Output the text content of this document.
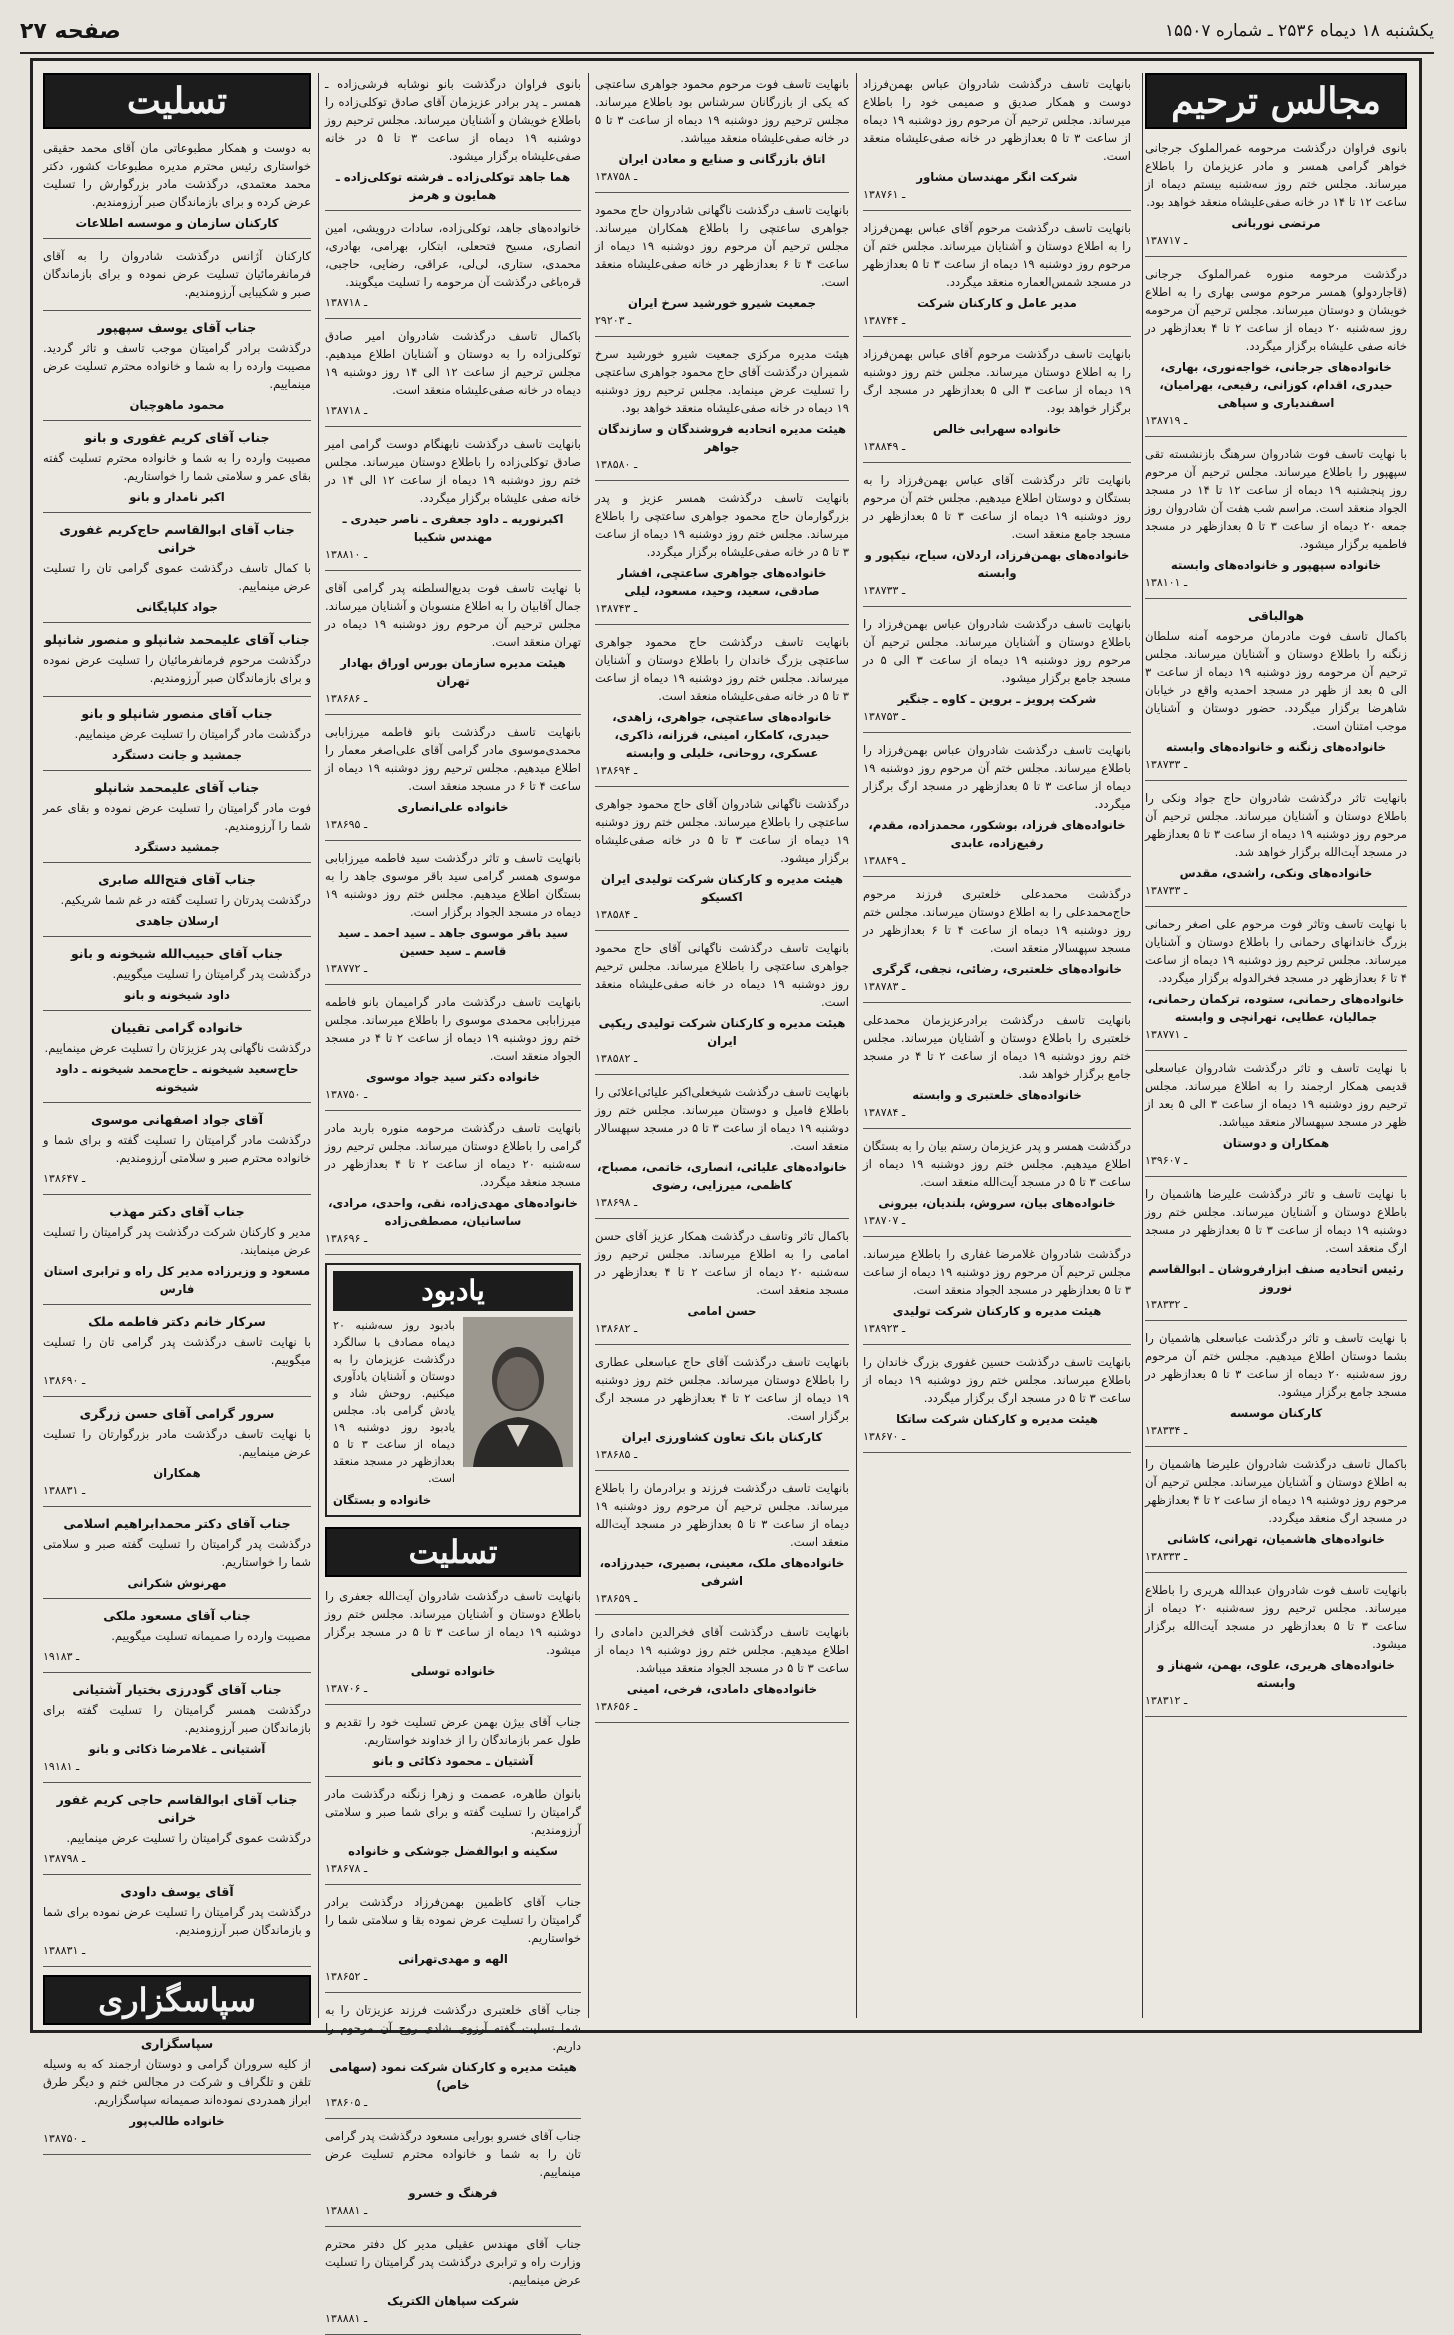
یکشنبه ۱۸ دیماه ۲۵۳۶ ـ شماره ۱۵۵۰۷
صفحه ۲۷
مجالس ترحیم
بانوی فراوان درگذشت مرحومه غمرالملوک جرجانی خواهر گرامی همسر و مادر عزیزمان را باطلاع میرساند. مجلس ختم روز سه‌شنبه بیستم دیماه از ساعت ۱۲ تا ۱۴ در خانه صفی‌علیشاه منعقد خواهد بود.
مرتضی نوربانی
۱ـ ۳۸۷۱۷
درگذشت مرحومه منوره غمرالملوک جرجانی (قاجاردولو) همسر مرحوم موسی بهاری را به اطلاع خویشان و دوستان میرساند. مجلس ترحیم آن مرحومه روز سه‌شنبه ۲۰ دیماه از ساعت ۲ تا ۴ بعدازظهر در خانه صفی علیشاه برگزار میگردد.
خانواده‌های جرجانی، خواجه‌نوری، بهاری، حیدری، اقدام، کوزانی، رفیعی، بهرامیان، اسفندیاری و سپاهی
۱ـ ۳۸۷۱۹
با نهایت تاسف فوت شادروان سرهنگ بازنشسته تقی سپهپور را باطلاع میرساند. مجلس ترحیم آن مرحوم روز پنجشنبه ۱۹ دیماه از ساعت ۱۲ تا ۱۴ در مسجد الجواد منعقد است. مراسم شب هفت آن شادروان روز جمعه ۲۰ دیماه از ساعت ۳ تا ۵ بعدازظهر در مسجد فاطمیه برگزار میشود.
خانواده سپهپور و خانواده‌های وابسته
۱ـ ۳۸۱۰۱
هوالباقی
باکمال تاسف فوت مادرمان مرحومه آمنه سلطان زنگنه را باطلاع دوستان و آشنایان میرساند. مجلس ترحیم آن مرحومه روز دوشنبه ۱۹ دیماه از ساعت ۳ الی ۵ بعد از ظهر در مسجد احمدیه واقع در خیابان شاهرضا برگزار میگردد. حضور دوستان و آشنایان موجب امتنان است.
خانواده‌های زنگنه و خانواده‌های وابسته
۱ـ ۳۸۷۳۳
بانهایت تاثر درگذشت شادروان حاج جواد ونکی را باطلاع دوستان و آشنایان میرساند. مجلس ترحیم آن مرحوم روز دوشنبه ۱۹ دیماه از ساعت ۳ تا ۵ بعدازظهر در مسجد آیت‌الله برگزار خواهد شد.
خانواده‌های ونکی، راشدی، مقدس
۱ـ ۳۸۷۳۳
با نهایت تاسف وتاثر فوت مرحوم علی اصغر رحمانی بزرگ خاندانهای رحمانی را باطلاع دوستان و آشنایان میرساند. مجلس ترحیم روز دوشنبه ۱۹ دیماه از ساعت ۴ تا ۶ بعدازظهر در مسجد فخرالدوله برگزار میگردد.
خانواده‌های رحمانی، ستوده، ترکمان رحمانی، جمالیان، عطایی، تهرانچی و وابسته
۱ـ ۳۸۷۷۱
با نهایت تاسف و تاثر درگذشت شادروان عباسعلی قدیمی همکار ارجمند را به اطلاع میرساند. مجلس ترحیم روز دوشنبه ۱۹ دیماه از ساعت ۳ الی ۵ بعد از ظهر در مسجد سپهسالار منعقد میباشد.
همکاران و دوستان
۱ـ ۳۹۶۰۷
با نهایت تاسف و تاثر درگذشت علیرضا هاشمیان را باطلاع دوستان و آشنایان میرساند. مجلس ختم روز دوشنبه ۱۹ دیماه از ساعت ۳ تا ۵ بعدازظهر در مسجد ارگ منعقد است.
رئیس اتحادیه صنف ابزارفروشان ـ ابوالقاسم نوروز
۱ـ ۳۸۳۳۲
با نهایت تاسف و تاثر درگذشت عباسعلی هاشمیان را بشما دوستان اطلاع میدهیم. مجلس ختم آن مرحوم روز سه‌شنبه ۲۰ دیماه از ساعت ۳ تا ۵ بعدازظهر در مسجد جامع برگزار میشود.
کارکنان موسسه
۱ـ ۳۸۳۳۴
باکمال تاسف درگذشت شادروان علیرضا هاشمیان را به اطلاع دوستان و آشنایان میرساند. مجلس ترحیم آن مرحوم روز دوشنبه ۱۹ دیماه از ساعت ۲ تا ۴ بعدازظهر در مسجد ارگ منعقد میگردد.
خانواده‌های هاشمیان، تهرانی، کاشانی
۱ـ ۳۸۳۳۳
بانهایت تاسف فوت شادروان عبدالله هریری را باطلاع میرساند. مجلس ترحیم روز سه‌شنبه ۲۰ دیماه از ساعت ۳ تا ۵ بعدازظهر در مسجد آیت‌الله برگزار میشود.
خانواده‌های هریری، علوی، بهمن، شهناز و وابسته
۱ـ ۳۸۳۱۲
بانهایت تاسف درگذشت شادروان عباس بهمن‌فرزاد دوست و همکار صدیق و صمیمی خود را باطلاع میرساند. مجلس ترحیم آن مرحوم روز دوشنبه ۱۹ دیماه از ساعت ۳ تا ۵ بعدازظهر در خانه صفی‌علیشاه منعقد است.
شرکت انگر مهندسان مشاور
۱ـ ۳۸۷۶۱
بانهایت تاسف درگذشت مرحوم آقای عباس بهمن‌فرزاد را به اطلاع دوستان و آشنایان میرساند. مجلس ختم آن مرحوم روز دوشنبه ۱۹ دیماه از ساعت ۳ تا ۵ بعدازظهر در مسجد شمس‌العماره منعقد میگردد.
مدیر عامل و کارکنان شرکت
۱ـ ۳۸۷۴۴
بانهایت تاسف درگذشت مرحوم آقای عباس بهمن‌فرزاد را به اطلاع دوستان میرساند. مجلس ختم روز دوشنبه ۱۹ دیماه از ساعت ۳ الی ۵ بعدازظهر در مسجد ارگ برگزار خواهد بود.
خانواده سهرابی خالص
۱ـ ۳۸۸۴۹
بانهایت تاثر درگذشت آقای عباس بهمن‌فرزاد را به بستگان و دوستان اطلاع میدهیم. مجلس ختم آن مرحوم روز دوشنبه ۱۹ دیماه از ساعت ۳ تا ۵ بعدازظهر در مسجد جامع منعقد است.
خانواده‌های بهمن‌فرزاد، اردلان، سیاح، نیکپور و وابسته
۱ـ ۳۸۷۳۳
بانهایت تاسف درگذشت شادروان عباس بهمن‌فرزاد را باطلاع دوستان و آشنایان میرساند. مجلس ترحیم آن مرحوم روز دوشنبه ۱۹ دیماه از ساعت ۳ الی ۵ در مسجد جامع برگزار میشود.
شرکت پرویز ـ بروین ـ کاوه ـ جنگیر
۱ـ ۳۸۷۵۳
بانهایت تاسف درگذشت شادروان عباس بهمن‌فرزاد را باطلاع میرساند. مجلس ختم آن مرحوم روز دوشنبه ۱۹ دیماه از ساعت ۳ تا ۵ بعدازظهر در مسجد ارگ برگزار میگردد.
خانواده‌های فرزاد، بوشکور، محمدزاده، مقدم، رفیع‌زاده، عابدی
۱ـ ۳۸۸۴۹
درگذشت محمدعلی خلعتبری فرزند مرحوم حاج‌محمدعلی را به اطلاع دوستان میرساند. مجلس ختم روز دوشنبه ۱۹ دیماه از ساعت ۴ تا ۶ بعدازظهر در مسجد سپهسالار منعقد است.
خانواده‌های خلعتبری، رضائی، نجفی، گرگری
۱ـ ۳۸۷۸۳
بانهایت تاسف درگذشت برادرعزیزمان محمدعلی خلعتبری را باطلاع دوستان و آشنایان میرساند. مجلس ختم روز دوشنبه ۱۹ دیماه از ساعت ۲ تا ۴ در مسجد جامع برگزار خواهد شد.
خانواده‌های خلعتبری و وابسته
۱ـ ۳۸۷۸۴
درگذشت همسر و پدر عزیزمان رستم بیان را به بستگان اطلاع میدهیم. مجلس ختم روز دوشنبه ۱۹ دیماه از ساعت ۳ تا ۵ در مسجد آیت‌الله منعقد است.
خانواده‌های بیان، سروش، بلندیان، بیرونی
۱ـ ۳۸۷۰۷
درگذشت شادروان غلامرضا غفاری را باطلاع میرساند. مجلس ترحیم آن مرحوم روز دوشنبه ۱۹ دیماه از ساعت ۳ تا ۵ بعدازظهر در مسجد الجواد منعقد است.
هیئت مدیره و کارکنان شرکت تولیدی
۱ـ ۳۸۹۲۳
بانهایت تاسف درگذشت حسین غفوری بزرگ خاندان را باطلاع میرساند. مجلس ختم روز دوشنبه ۱۹ دیماه از ساعت ۳ تا ۵ در مسجد ارگ برگزار میگردد.
هیئت مدیره و کارکنان شرکت ساتکا
۱ـ ۳۸۶۷۰
بانهایت تاسف فوت مرحوم محمود جواهری ساعتچی که یکی از بازرگانان سرشناس بود باطلاع میرساند. مجلس ترحیم روز دوشنبه ۱۹ دیماه از ساعت ۳ تا ۵ در خانه صفی‌علیشاه منعقد میباشد.
اتاق بازرگانی و صنایع و معادن ایران
۱ـ ۳۸۷۵۸
بانهایت تاسف درگذشت ناگهانی شادروان حاج محمود جواهری ساعتچی را باطلاع همکاران میرساند. مجلس ترحیم آن مرحوم روز دوشنبه ۱۹ دیماه از ساعت ۴ تا ۶ بعدازظهر در خانه صفی‌علیشاه منعقد است.
جمعیت شیرو خورشید سرخ ایران
۲ـ ۹۲۰۳
هیئت مدیره مرکزی جمعیت شیرو خورشید سرخ شمیران درگذشت آقای حاج محمود جواهری ساعتچی را تسلیت عرض مینماید. مجلس ترحیم روز دوشنبه ۱۹ دیماه در خانه صفی‌علیشاه منعقد خواهد بود.
هیئت مدیره اتحادیه فروشندگان و سازندگان جواهر
۱ـ ۳۸۵۸۰
بانهایت تاسف درگذشت همسر عزیز و پدر بزرگوارمان حاج محمود جواهری ساعتچی را باطلاع میرساند. مجلس ختم روز دوشنبه ۱۹ دیماه از ساعت ۳ تا ۵ در خانه صفی‌علیشاه برگزار میگردد.
خانواده‌های جواهری ساعتچی، افشار صادقی، سعید، وحید، مسعود، لیلی
۱ـ ۳۸۷۴۳
بانهایت تاسف درگذشت حاج محمود جواهری ساعتچی بزرگ خاندان را باطلاع دوستان و آشنایان میرساند. مجلس ختم روز دوشنبه ۱۹ دیماه از ساعت ۳ تا ۵ در خانه صفی‌علیشاه منعقد است.
خانواده‌های ساعتچی، جواهری، زاهدی، حیدری، کامکار، امینی، فرزانه، ذاکری، عسکری، روحانی، خلیلی و وابسته
۱ـ ۳۸۶۹۴
درگذشت ناگهانی شادروان آقای حاج محمود جواهری ساعتچی را باطلاع میرساند. مجلس ختم روز دوشنبه ۱۹ دیماه از ساعت ۳ تا ۵ در خانه صفی‌علیشاه برگزار میشود.
هیئت مدیره و کارکنان شرکت تولیدی ایران اکسیکو
۱ـ ۳۸۵۸۴
بانهایت تاسف درگذشت ناگهانی آقای حاج محمود جواهری ساعتچی را باطلاع میرساند. مجلس ترحیم روز دوشنبه ۱۹ دیماه در خانه صفی‌علیشاه منعقد است.
هیئت مدیره و کارکنان شرکت تولیدی ریکپی ایران
۱ـ ۳۸۵۸۲
بانهایت تاسف درگذشت شیخعلی‌اکبر علیائی‌اعلائی را باطلاع فامیل و دوستان میرساند. مجلس ختم روز دوشنبه ۱۹ دیماه از ساعت ۳ تا ۵ در مسجد سپهسالار منعقد است.
خانواده‌های علیائی، انصاری، خاتمی، مصباح، کاظمی، میرزایی، رضوی
۱ـ ۳۸۶۹۸
باکمال تاثر وتاسف درگذشت همکار عزیز آقای حسن امامی را به اطلاع میرساند. مجلس ترحیم روز سه‌شنبه ۲۰ دیماه از ساعت ۲ تا ۴ بعدازظهر در مسجد منعقد است.
حسن امامی
۱ـ ۳۸۶۸۲
بانهایت تاسف درگذشت آقای حاج عباسعلی عطاری را باطلاع دوستان میرساند. مجلس ختم روز دوشنبه ۱۹ دیماه از ساعت ۲ تا ۴ بعدازظهر در مسجد ارگ برگزار است.
کارکنان بانک تعاون کشاورزی ایران
۱ـ ۳۸۶۸۵
بانهایت تاسف درگذشت فرزند و برادرمان را باطلاع میرساند. مجلس ترحیم آن مرحوم روز دوشنبه ۱۹ دیماه از ساعت ۳ تا ۵ بعدازظهر در مسجد آیت‌الله منعقد است.
خانواده‌های ملک، معینی، بصیری، حیدرزاده، اشرفی
۱ـ ۳۸۶۵۹
بانهایت تاسف درگذشت آقای فخرالدین دامادی را اطلاع میدهیم. مجلس ختم روز دوشنبه ۱۹ دیماه از ساعت ۳ تا ۵ در مسجد الجواد منعقد میباشد.
خانواده‌های دامادی، فرخی، امینی
۱ـ ۳۸۶۵۶
بانوی فراوان درگذشت بانو نوشابه فرشی‌زاده ـ همسر ـ پدر برادر عزیزمان آقای صادق توکلی‌زاده را باطلاع خویشان و آشنایان میرساند. مجلس ترحیم روز دوشنبه ۱۹ دیماه از ساعت ۳ تا ۵ در خانه صفی‌علیشاه برگزار میشود.
هما جاهد توکلی‌زاده ـ فرشته توکلی‌زاده ـ همایون و هرمز
خانواده‌های جاهد، توکلی‌زاده، سادات درویشی، امین انصاری، مسیح فتحعلی، ابتکار، بهرامی، بهادری، محمدی، ستاری، لی‌لی، عراقی، رضایی، حاجبی، قره‌باغی درگذشت آن مرحومه را تسلیت میگویند.
۱ـ ۳۸۷۱۸
باکمال تاسف درگذشت شادروان امیر صادق توکلی‌زاده را به دوستان و آشنایان اطلاع میدهیم. مجلس ترحیم از ساعت ۱۲ الی ۱۴ روز دوشنبه ۱۹ دیماه در خانه صفی‌علیشاه منعقد است.
۱ـ ۳۸۷۱۸
بانهایت تاسف درگذشت نابهنگام دوست گرامی امیر صادق توکلی‌زاده را باطلاع دوستان میرساند. مجلس ختم روز دوشنبه ۱۹ دیماه از ساعت ۱۲ الی ۱۴ در خانه صفی علیشاه برگزار میگردد.
اکبرنوریه ـ داود جعفری ـ ناصر حیدری ـ مهندس شکیبا
۱ـ ۳۸۸۱۰
با نهایت تاسف فوت بدیع‌السلطنه پدر گرامی آقای جمال آقابیان را به اطلاع منسوبان و آشنایان میرساند. مجلس ترحیم آن مرحوم روز دوشنبه ۱۹ دیماه در تهران منعقد است.
هیئت مدیره سازمان بورس اوراق بهادار تهران
۱ـ ۳۸۶۸۶
بانهایت تاسف درگذشت بانو فاطمه میرزابابی محمدی‌موسوی مادر گرامی آقای علی‌اصغر معمار را اطلاع میدهیم. مجلس ترحیم روز دوشنبه ۱۹ دیماه از ساعت ۴ تا ۶ در مسجد منعقد است.
خانواده علی‌انصاری
۱ـ ۳۸۶۹۵
بانهایت تاسف و تاثر درگذشت سید فاطمه میرزابابی موسوی همسر گرامی سید باقر موسوی جاهد را به بستگان اطلاع میدهیم. مجلس ختم روز دوشنبه ۱۹ دیماه در مسجد الجواد برگزار است.
سید باقر موسوی جاهد ـ سید احمد ـ سید قاسم ـ سید حسین
۱ـ ۳۸۷۷۲
بانهایت تاسف درگذشت مادر گرامیمان بانو فاطمه میرزابابی محمدی موسوی را باطلاع میرساند. مجلس ختم روز دوشنبه ۱۹ دیماه از ساعت ۲ تا ۴ در مسجد الجواد منعقد است.
خانواده دکتر سید جواد موسوی
۱ـ ۳۸۷۵۰
بانهایت تاسف درگذشت مرحومه منوره باربد مادر گرامی را باطلاع دوستان میرساند. مجلس ترحیم روز سه‌شنبه ۲۰ دیماه از ساعت ۲ تا ۴ بعدازظهر در مسجد منعقد میگردد.
خانواده‌های مهدی‌زاده، نقی، واحدی، مرادی، ساسانیان، مصطفی‌زاده
۱ـ ۳۸۶۹۶
یادبود
بادبود روز سه‌شنبه ۲۰ دیماه مصادف با سالگرد درگذشت عزیزمان را به دوستان و آشنایان یادآوری میکنیم. روحش شاد و یادش گرامی باد. مجلس یادبود روز دوشنبه ۱۹ دیماه از ساعت ۳ تا ۵ بعدازظهر در مسجد منعقد است.
خانواده و بستگان
تسلیت
بانهایت تاسف درگذشت شادروان آیت‌الله جعفری را باطلاع دوستان و آشنایان میرساند. مجلس ختم روز دوشنبه ۱۹ دیماه از ساعت ۳ تا ۵ در مسجد برگزار میشود.
خانواده توسلی
۱ـ ۳۸۷۰۶
جناب آقای بیژن بهمن عرض تسلیت خود را تقدیم و طول عمر بازماندگان را از خداوند خواستاریم.
آشتیان ـ محمود ذکائی و بانو
بانوان طاهره، عصمت و زهرا زنگنه درگذشت مادر گرامیتان را تسلیت گفته و برای شما صبر و سلامتی آرزومندیم.
سکینه و ابوالفضل جوشکی و خانواده
۱ـ ۳۸۶۷۸
جناب آقای کاظمین بهمن‌فرزاد درگذشت برادر گرامیتان را تسلیت عرض نموده بقا و سلامتی شما را خواستاریم.
الهه و مهدی‌تهرانی
۱ـ ۳۸۶۵۲
جناب آقای خلعتبری درگذشت فرزند عزیزتان را به شما تسلیت گفته آرزوی شادی روح آن مرحوم را داریم.
هیئت مدیره و کارکنان شرکت نمود (سهامی خاص)
۱ـ ۳۸۶۰۵
جناب آقای خسرو بورایی مسعود درگذشت پدر گرامی تان را به شما و خانواده محترم تسلیت عرض مینماییم.
فرهنگ و خسرو
۱ـ ۳۸۸۸۱
جناب آقای مهندس عقیلی مدیر کل دفتر محترم وزارت راه و ترابری درگذشت پدر گرامیتان را تسلیت عرض مینماییم.
شرکت سپاهان الکتریک
۱ـ ۳۸۸۸۱
تسلیت
به دوست و همکار مطبوعاتی مان آقای محمد حقیقی خواستاری رئیس محترم مدیره مطبوعات کشور، دکتر محمد معتمدی، درگذشت مادر بزرگوارش را تسلیت عرض کرده و برای بازماندگان صبر آرزومندیم.
کارکنان سازمان و موسسه اطلاعات
کارکنان آژانس درگذشت شادروان را به آقای فرمانفرمائیان تسلیت عرض نموده و برای بازماندگان صبر و شکیبایی آرزومندیم.
جناب آقای یوسف سپهپور
درگذشت برادر گرامیتان موجب تاسف و تاثر گردید. مصیبت وارده را به شما و خانواده محترم تسلیت عرض مینماییم.
محمود ماهوچیان
جناب آقای کریم غفوری و بانو
مصیبت وارده را به شما و خانواده محترم تسلیت گفته بقای عمر و سلامتی شما را خواستاریم.
اکبر نامدار و بانو
جناب آقای ابوالقاسم حاج‌کریم غفوری خرانی
با کمال تاسف درگذشت عموی گرامی تان را تسلیت عرض مینماییم.
جواد کلپایگانی
جناب آقای علیمحمد شانپلو و منصور شانپلو
درگذشت مرحوم فرمانفرمائیان را تسلیت عرض نموده و برای بازماندگان صبر آرزومندیم.
جناب آقای منصور شانپلو و بانو
درگذشت مادر گرامیتان را تسلیت عرض مینماییم.
جمشید و جانت دستگرد
جناب آقای علیمحمد شانپلو
فوت مادر گرامیتان را تسلیت عرض نموده و بقای عمر شما را آرزومندیم.
جمشید دستگرد
جناب آقای فتح‌الله صابری
درگذشت پدرتان را تسلیت گفته در غم شما شریکیم.
ارسلان جاهدی
جناب آقای حبیب‌الله شیخونه و بانو
درگذشت پدر گرامیتان را تسلیت میگوییم.
داود شیخونه و بانو
خانواده گرامی تقییان
درگذشت ناگهانی پدر عزیزتان را تسلیت عرض مینماییم.
حاج‌سعید شیخونه ـ حاج‌محمد شیخونه ـ داود شیخونه
آقای جواد اصفهانی موسوی
درگذشت مادر گرامیتان را تسلیت گفته و برای شما و خانواده محترم صبر و سلامتی آرزومندیم.
۱ـ ۳۸۶۴۷
جناب آقای دکتر مهذب
مدیر و کارکنان شرکت درگذشت پدر گرامیتان را تسلیت عرض مینمایند.
مسعود و وزیرزاده مدیر کل راه و ترابری استان فارس
سرکار خانم دکتر فاطمه ملک
با نهایت تاسف درگذشت پدر گرامی تان را تسلیت میگوییم.
۱ـ ۳۸۶۹۰
سرور گرامی آقای حسن زرگری
با نهایت تاسف درگذشت مادر بزرگوارتان را تسلیت عرض مینماییم.
همکاران
۱ـ ۳۸۸۳۱
جناب آقای دکتر محمدابراهیم اسلامی
درگذشت پدر گرامیتان را تسلیت گفته صبر و سلامتی شما را خواستاریم.
مهرنوش شکرانی
جناب آقای مسعود ملکی
مصیبت وارده را صمیمانه تسلیت میگوییم.
۱ـ ۹۱۸۳
جناب آقای گودرزی بختیار آشتیانی
درگذشت همسر گرامیتان را تسلیت گفته برای بازماندگان صبر آرزومندیم.
آشتیانی ـ غلامرضا ذکائی و بانو
۱ـ ۹۱۸۱
جناب آقای ابوالقاسم حاجی کریم غفور خرانی
درگذشت عموی گرامیتان را تسلیت عرض مینماییم.
۱ـ ۳۸۷۹۸
آقای یوسف داودی
درگذشت پدر گرامیتان را تسلیت عرض نموده برای شما و بازماندگان صبر آرزومندیم.
۱ـ ۳۸۸۳۱
سپاسگزاری
سپاسگزاری
از کلیه سروران گرامی و دوستان ارجمند که به وسیله تلفن و تلگراف و شرکت در مجالس ختم و دیگر طرق ابراز همدردی نموده‌اند صمیمانه سپاسگزاریم.
خانواده طالب‌پور
۱ـ ۳۸۷۵۰
